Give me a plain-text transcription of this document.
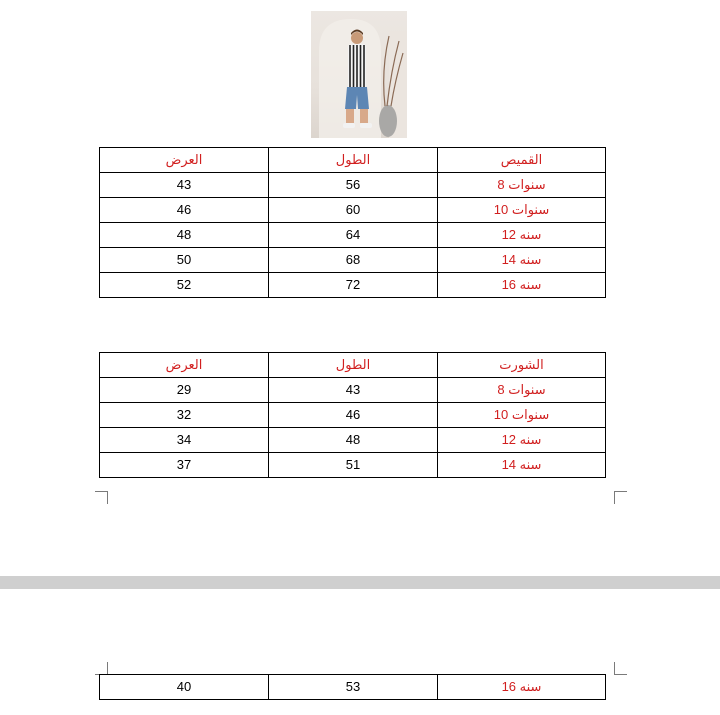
العرض	الطول	القميص
43	56	8 سنوات
46	60	10 سنوات
48	64	12 سنه
50	68	14 سنه
52	72	16 سنه
العرض	الطول	الشورت
29	43	8 سنوات
32	46	10 سنوات
34	48	12 سنه
37	51	14 سنه
40	53	16 سنه
